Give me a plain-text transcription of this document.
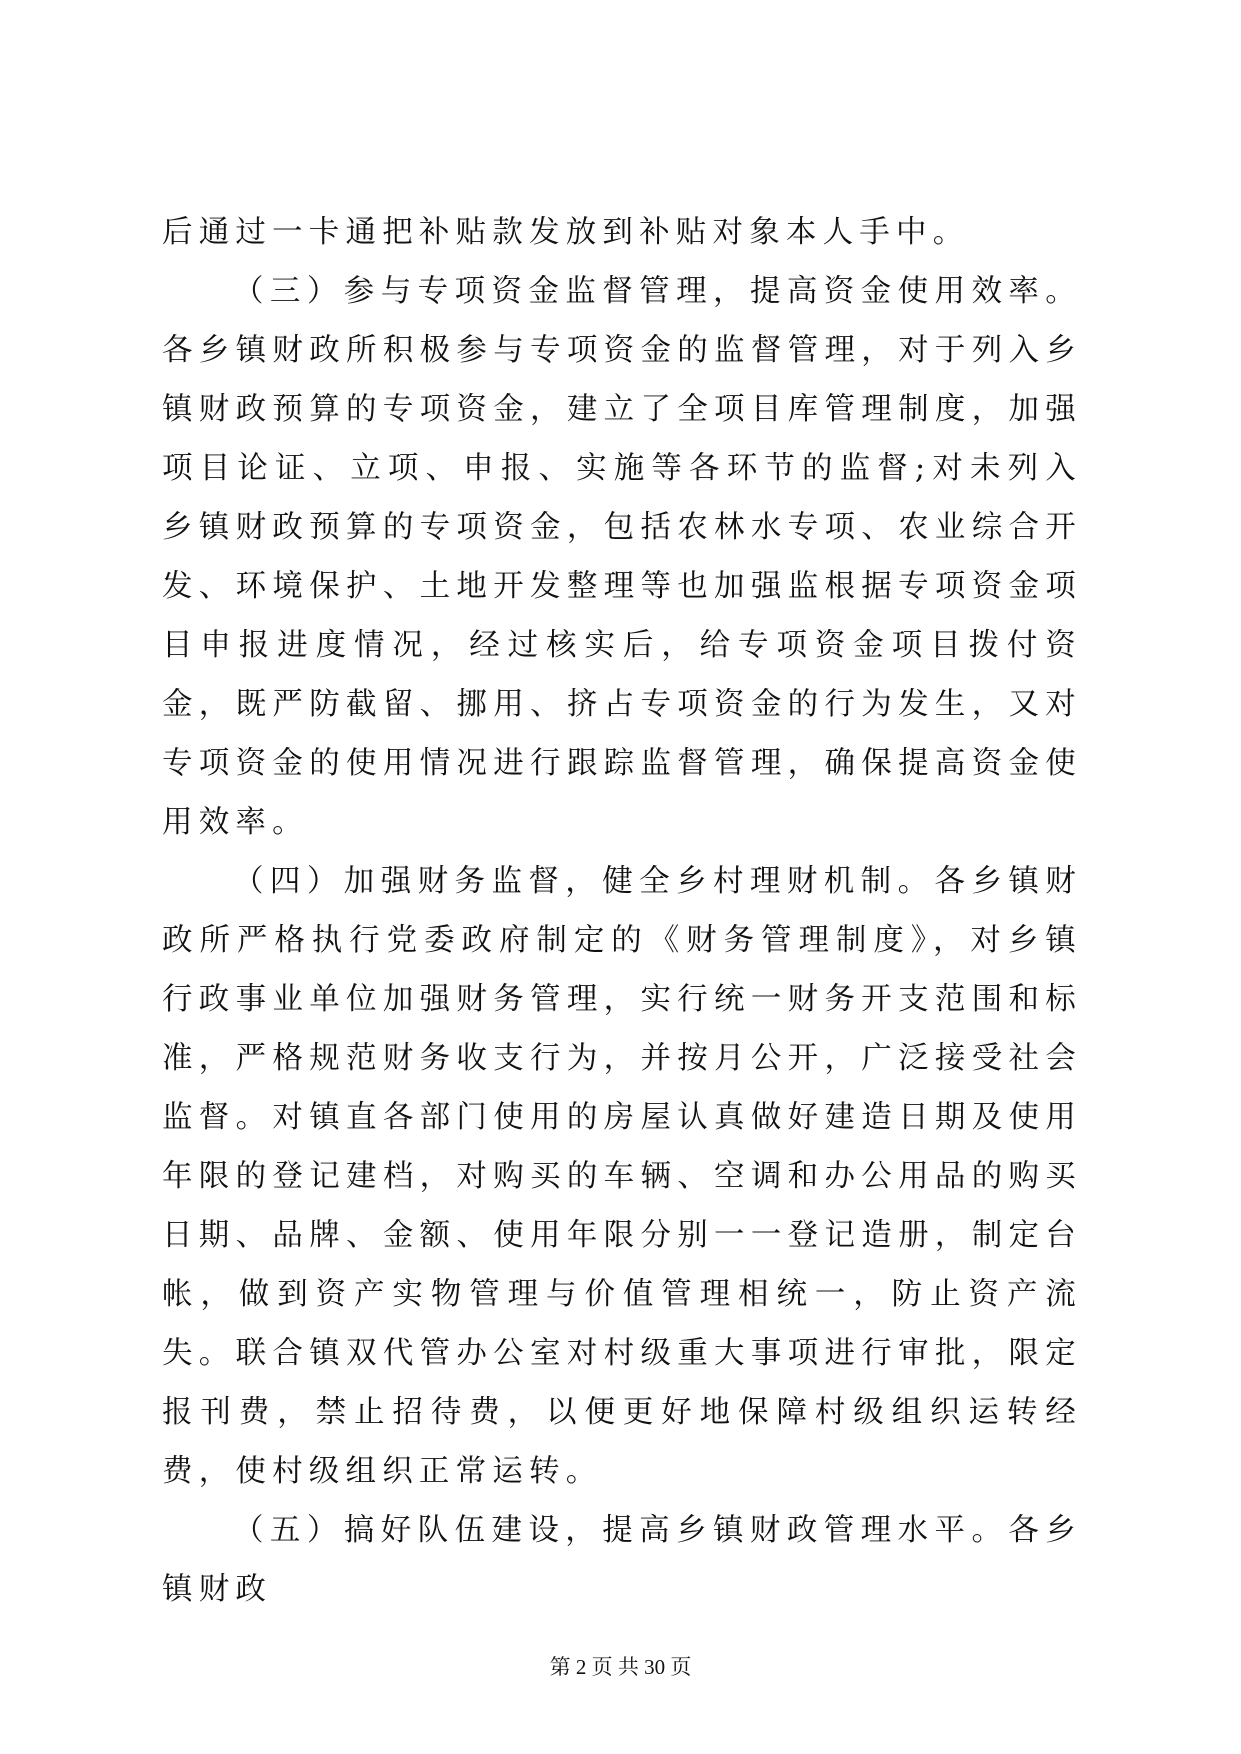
后通过一卡通把补贴款发放到补贴对象本人手中。

（三）参与专项资金监督管理，提高资金使用效率。各乡镇财政所积极参与专项资金的监督管理，对于列入乡镇财政预算的专项资金，建立了全项目库管理制度，加强项目论证、立项、申报、实施等各环节的监督;对未列入乡镇财政预算的专项资金，包括农林水专项、农业综合开发、环境保护、土地开发整理等也加强监根据专项资金项目申报进度情况，经过核实后，给专项资金项目拨付资金，既严防截留、挪用、挤占专项资金的行为发生，又对专项资金的使用情况进行跟踪监督管理，确保提高资金使用效率。

（四）加强财务监督，健全乡村理财机制。各乡镇财政所严格执行党委政府制定的《财务管理制度》，对乡镇行政事业单位加强财务管理，实行统一财务开支范围和标准，严格规范财务收支行为，并按月公开，广泛接受社会监督。对镇直各部门使用的房屋认真做好建造日期及使用年限的登记建档，对购买的车辆、空调和办公用品的购买日期、品牌、金额、使用年限分别一一登记造册，制定台帐，做到资产实物管理与价值管理相统一，防止资产流失。联合镇双代管办公室对村级重大事项进行审批，限定报刊费，禁止招待费，以便更好地保障村级组织运转经费，使村级组织正常运转。

（五）搞好队伍建设，提高乡镇财政管理水平。各乡镇财政

第 2 页 共 30 页
